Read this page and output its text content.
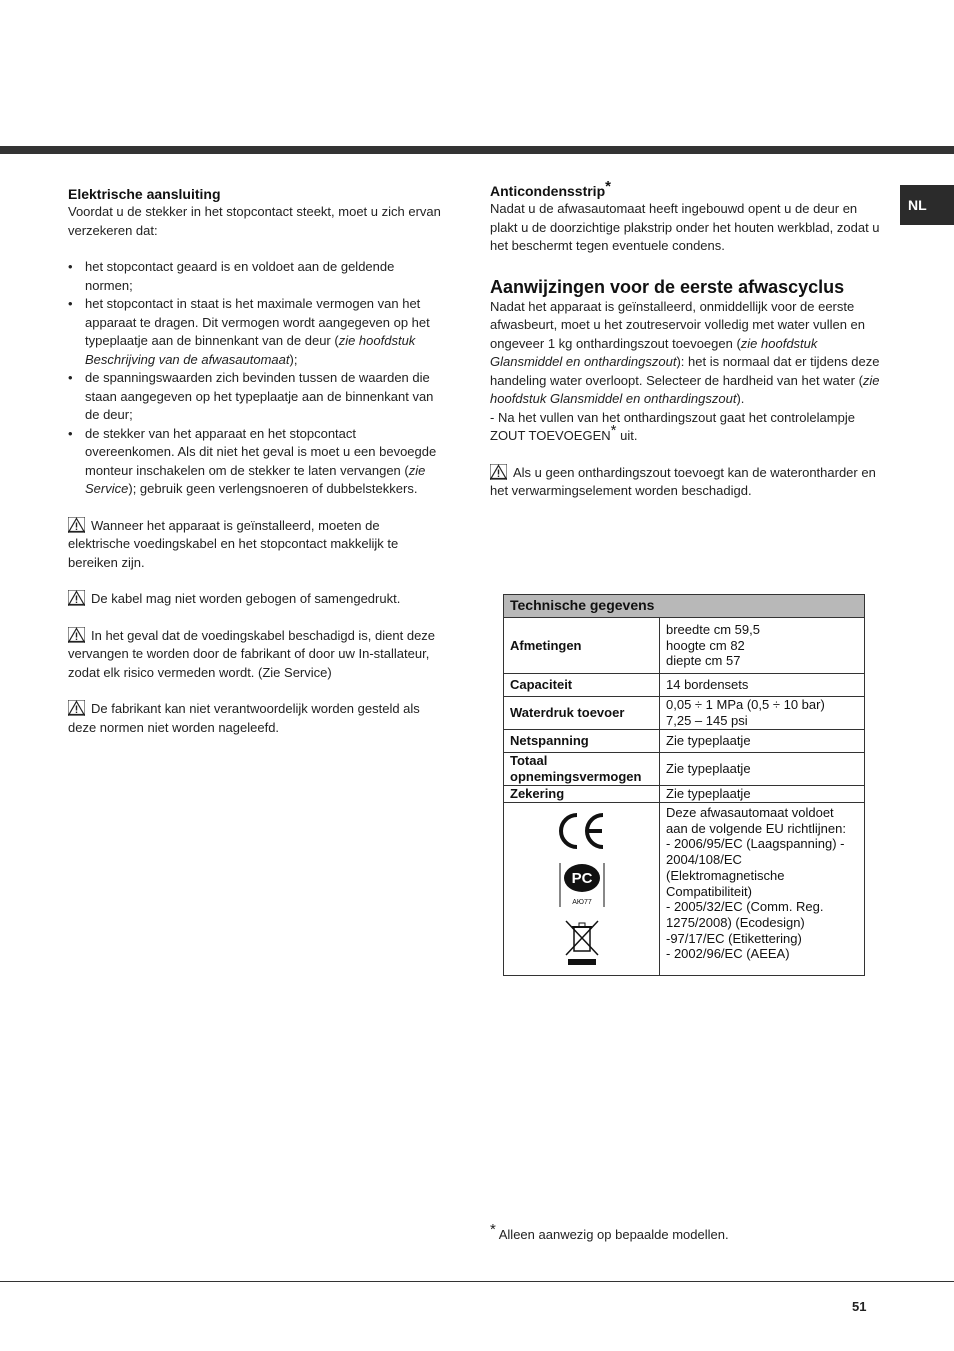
NL
Elektrische aansluiting

Voordat u de stekker in het stopcontact steekt, moet u zich ervan verzekeren dat:

• het stopcontact geaard is en voldoet aan de geldende normen;
• het stopcontact in staat is het maximale vermogen van het apparaat te dragen. Dit vermogen wordt aangegeven op het typeplaatje aan de binnenkant van de deur (zie hoofdstuk Beschrijving van de afwasautomaat);
• de spanningswaarden zich bevinden tussen de waarden die staan aangegeven op het typeplaatje aan de binnenkant van de deur;
• de stekker van het apparaat en het stopcontact overeenkomen. Als dit niet het geval is moet u een bevoegde monteur inschakelen om de stekker te laten vervangen (zie Service); gebruik geen verlengsnoeren of dubbelstekkers.

Wanneer het apparaat is geïnstalleerd, moeten de elektrische voedingskabel en het stopcontact makkelijk te bereiken zijn.

De kabel mag niet worden gebogen of samengedrukt.

In het geval dat de voedingskabel beschadigd is, dient deze vervangen te worden door de fabrikant of door uw In-stallateur, zodat elk risico vermeden wordt. (Zie Service)

De fabrikant kan niet verantwoordelijk worden gesteld als deze normen niet worden nageleefd.

Anticondensstrip*

Nadat u de afwasautomaat heeft ingebouwd opent u de deur en plakt u de doorzichtige plakstrip onder het houten werkblad, zodat u het beschermt tegen eventuele condens.

Aanwijzingen voor de eerste afwascyclus

Nadat het apparaat is geïnstalleerd, onmiddellijk voor de eerste afwasbeurt, moet u het zoutreservoir volledig met water vullen en ongeveer 1 kg onthardingszout toevoegen (zie hoofdstuk Glansmiddel en onthardingszout): het is normaal dat er tijdens deze handeling water overloopt. Selecteer de hardheid van het water (zie hoofdstuk Glansmiddel en onthardingszout).

- Na het vullen van het onthardingszout gaat het controlelampje ZOUT TOEVOEGEN* uit.

Als u geen onthardingszout toevoegt kan de waterontharder en het verwarmingselement worden beschadigd.

Technische gegevens	
Afmetingen	breedte cm 59,5
hoogte cm 82
diepte cm 57

Capaciteit	14 bordensets
Waterdruk toevoer	0,05 ÷ 1 MPa (0,5 ÷ 10 bar)
7,25 – 145 psi

Netspanning	Zie typeplaatje
Totaal opnemingsvermogen	Zie typeplaatje
Zekering	Zie typeplaatje

PC
АЮ77	Deze afwasautomaat voldoet aan de volgende EU richtlijnen:
- 2006/95/EC (Laagspanning) - 2004/108/EC (Elektromagnetische Compatibiliteit)
- 2005/32/EC (Comm. Reg. 1275/2008) (Ecodesign)
-97/17/EC (Etikettering)
- 2002/96/EC (AEEA)
* Alleen aanwezig op bepaalde modellen.
51
